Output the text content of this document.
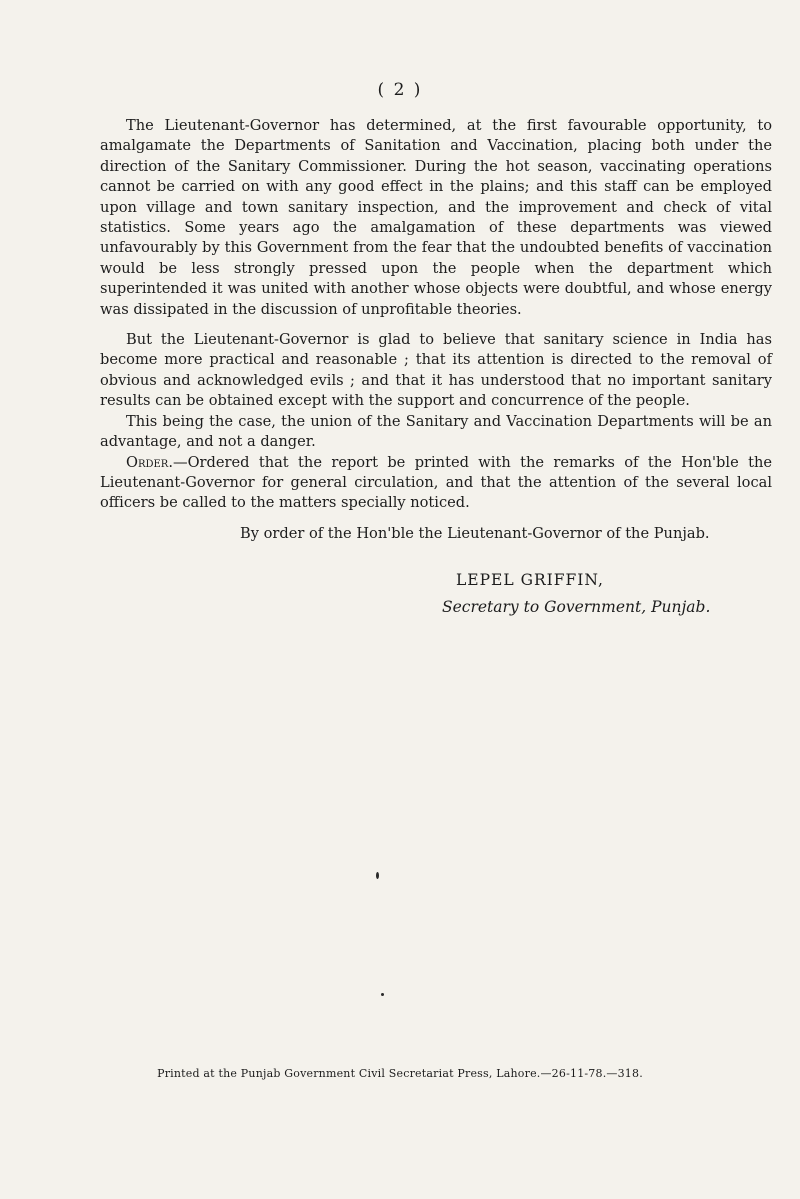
( 2 )

The Lieutenant-Governor has determined, at the first favourable opportunity, to amalgamate the Departments of Sanitation and Vaccination, placing both under the direction of the Sanitary Commissioner. During the hot season, vaccinating operations cannot be carried on with any good effect in the plains; and this staff can be employed upon village and town sanitary inspection, and the improvement and check of vital statistics. Some years ago the amalgamation of these departments was viewed unfavourably by this Government from the fear that the undoubted benefits of vaccination would be less strongly pressed upon the people when the department which superintended it was united with another whose objects were doubtful, and whose energy was dissipated in the discussion of unprofitable theories.

But the Lieutenant-Governor is glad to believe that sanitary science in India has become more practical and reasonable ; that its attention is directed to the removal of obvious and acknowledged evils ; and that it has understood that no important sanitary results can be obtained except with the support and concurrence of the people.

This being the case, the union of the Sanitary and Vaccination Departments will be an advantage, and not a danger.

Order.—Ordered that the report be printed with the remarks of the Hon'ble the Lieutenant-Governor for general circulation, and that the attention of the several local officers be called to the matters specially noticed.

By order of the Hon'ble the Lieutenant-Governor of the Punjab.

LEPEL GRIFFIN,
Secretary to Government, Punjab.
Printed at the Punjab Government Civil Secretariat Press, Lahore.—26-11-78.—318.
